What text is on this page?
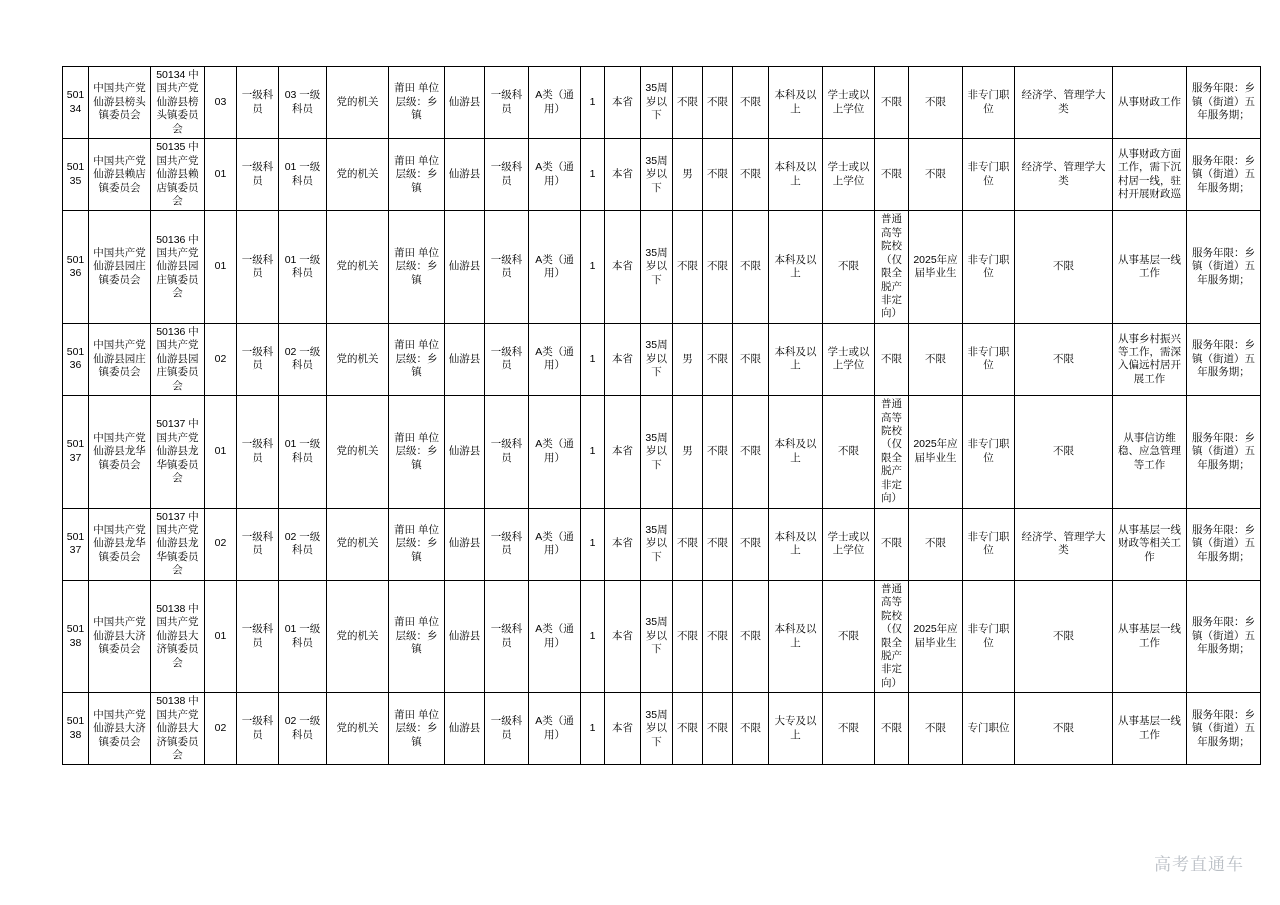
50134	中国共产党仙游县榜头镇委员会	50134 中国共产党仙游县榜头镇委员会	03	一级科员	03 一级科员	党的机关	莆田 单位层级：乡镇	仙游县	一级科员	A类（通用）	1	本省	35周岁以下	不限	不限	不限	本科及以上	学士或以上学位	不限	不限	非专门职位	经济学、管理学大类	从事财政工作	服务年限：乡镇（街道）五年服务期；
50135	中国共产党仙游县赖店镇委员会	50135 中国共产党仙游县赖店镇委员会	01	一级科员	01 一级科员	党的机关	莆田 单位层级：乡镇	仙游县	一级科员	A类（通用）	1	本省	35周岁以下	男	不限	不限	本科及以上	学士或以上学位	不限	不限	非专门职位	经济学、管理学大类	从事财政方面工作，需下沉村居一线，驻村开展财政巡	服务年限：乡镇（街道）五年服务期；
50136	中国共产党仙游县园庄镇委员会	50136 中国共产党仙游县园庄镇委员会	01	一级科员	01 一级科员	党的机关	莆田 单位层级：乡镇	仙游县	一级科员	A类（通用）	1	本省	35周岁以下	不限	不限	不限	本科及以上	不限	普通高等院校（仅限全脱产非定向）	2025年应届毕业生	非专门职位	不限	从事基层一线工作	服务年限：乡镇（街道）五年服务期；
50136	中国共产党仙游县园庄镇委员会	50136 中国共产党仙游县园庄镇委员会	02	一级科员	02 一级科员	党的机关	莆田 单位层级：乡镇	仙游县	一级科员	A类（通用）	1	本省	35周岁以下	男	不限	不限	本科及以上	学士或以上学位	不限	不限	非专门职位	不限	从事乡村振兴等工作，需深入偏远村居开展工作	服务年限：乡镇（街道）五年服务期；
50137	中国共产党仙游县龙华镇委员会	50137 中国共产党仙游县龙华镇委员会	01	一级科员	01 一级科员	党的机关	莆田 单位层级：乡镇	仙游县	一级科员	A类（通用）	1	本省	35周岁以下	男	不限	不限	本科及以上	不限	普通高等院校（仅限全脱产非定向）	2025年应届毕业生	非专门职位	不限	从事信访维稳、应急管理等工作	服务年限：乡镇（街道）五年服务期；
50137	中国共产党仙游县龙华镇委员会	50137 中国共产党仙游县龙华镇委员会	02	一级科员	02 一级科员	党的机关	莆田 单位层级：乡镇	仙游县	一级科员	A类（通用）	1	本省	35周岁以下	不限	不限	不限	本科及以上	学士或以上学位	不限	不限	非专门职位	经济学、管理学大类	从事基层一线财政等相关工作	服务年限：乡镇（街道）五年服务期；
50138	中国共产党仙游县大济镇委员会	50138 中国共产党仙游县大济镇委员会	01	一级科员	01 一级科员	党的机关	莆田 单位层级：乡镇	仙游县	一级科员	A类（通用）	1	本省	35周岁以下	不限	不限	不限	本科及以上	不限	普通高等院校（仅限全脱产非定向）	2025年应届毕业生	非专门职位	不限	从事基层一线工作	服务年限：乡镇（街道）五年服务期；
50138	中国共产党仙游县大济镇委员会	50138 中国共产党仙游县大济镇委员会	02	一级科员	02 一级科员	党的机关	莆田 单位层级：乡镇	仙游县	一级科员	A类（通用）	1	本省	35周岁以下	不限	不限	不限	大专及以上	不限	不限	不限	专门职位	不限	从事基层一线工作	服务年限：乡镇（街道）五年服务期；
高考直通车
